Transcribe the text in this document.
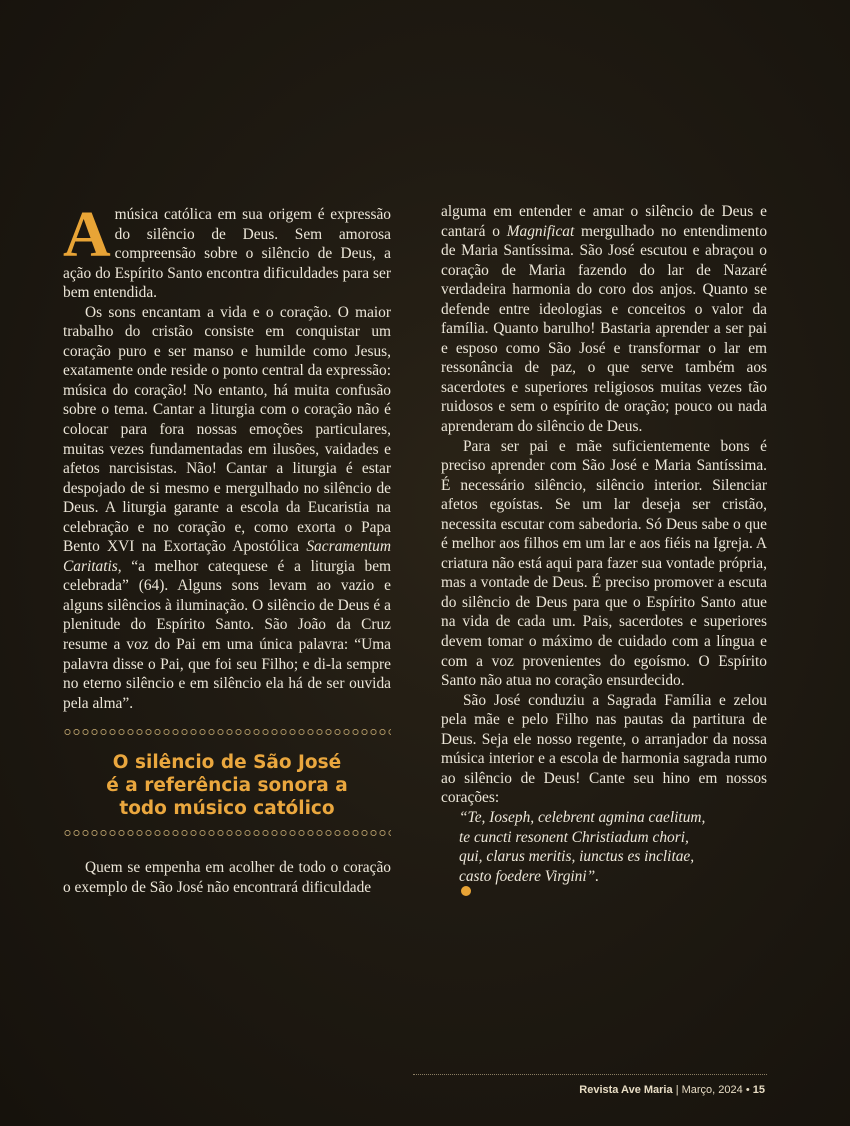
Amúsica católica em sua origem é expressão do silêncio de Deus. Sem amorosa compreensão sobre o silêncio de Deus, a ação do Espírito Santo encontra dificuldades para ser bem entendida.

Os sons encantam a vida e o coração. O maior trabalho do cristão consiste em conquistar um coração puro e ser manso e humilde como Jesus, exatamente onde reside o ponto central da expressão: música do coração! No entanto, há muita confusão sobre o tema. Cantar a liturgia com o coração não é colocar para fora nossas emoções particulares, muitas vezes fundamentadas em ilusões, vaidades e afetos narcisistas. Não! Cantar a liturgia é estar despojado de si mesmo e mergulhado no silêncio de Deus. A liturgia garante a escola da Eucaristia na celebração e no coração e, como exorta o Papa Bento XVI na Exortação Apostólica Sacramentum Caritatis, “a melhor catequese é a liturgia bem celebrada” (64). Alguns sons levam ao vazio e alguns silêncios à iluminação. O silêncio de Deus é a plenitude do Espírito Santo. São João da Cruz resume a voz do Pai em uma única palavra: “Uma palavra disse o Pai, que foi seu Filho; e di-la sempre no eterno silêncio e em silêncio ela há de ser ouvida pela alma”.

O silêncio de São José
é a referência sonora a
todo músico católico

Quem se empenha em acolher de todo o coração o exemplo de São José não encontrará dificuldade

alguma em entender e amar o silêncio de Deus e cantará o Magnificat mergulhado no entendimento de Maria Santíssima. São José escutou e abraçou o coração de Maria fazendo do lar de Nazaré verdadeira harmonia do coro dos anjos. Quanto se defende entre ideologias e conceitos o valor da família. Quanto barulho! Bastaria aprender a ser pai e esposo como São José e transformar o lar em ressonância de paz, o que serve também aos sacerdotes e superiores religiosos muitas vezes tão ruidosos e sem o espírito de oração; pouco ou nada aprenderam do silêncio de Deus.

Para ser pai e mãe suficientemente bons é preciso aprender com São José e Maria Santíssima. É necessário silêncio, silêncio interior. Silenciar afetos egoístas. Se um lar deseja ser cristão, necessita escutar com sabedoria. Só Deus sabe o que é melhor aos filhos em um lar e aos fiéis na Igreja. A criatura não está aqui para fazer sua vontade própria, mas a vontade de Deus. É preciso promover a escuta do silêncio de Deus para que o Espírito Santo atue na vida de cada um. Pais, sacerdotes e superiores devem tomar o máximo de cuidado com a língua e com a voz provenientes do egoísmo. O Espírito Santo não atua no coração ensurdecido.

São José conduziu a Sagrada Família e zelou pela mãe e pelo Filho nas pautas da partitura de Deus. Seja ele nosso regente, o arranjador da nossa música interior e a escola de harmonia sagrada rumo ao silêncio de Deus! Cante seu hino em nossos corações:

“Te, Ioseph, celebrent agmina caelitum,
te cuncti resonent Christiadum chori,
qui, clarus meritis, iunctus es inclitae,
casto foedere Virgini”.
Revista Ave Maria | Março, 2024 • 15
